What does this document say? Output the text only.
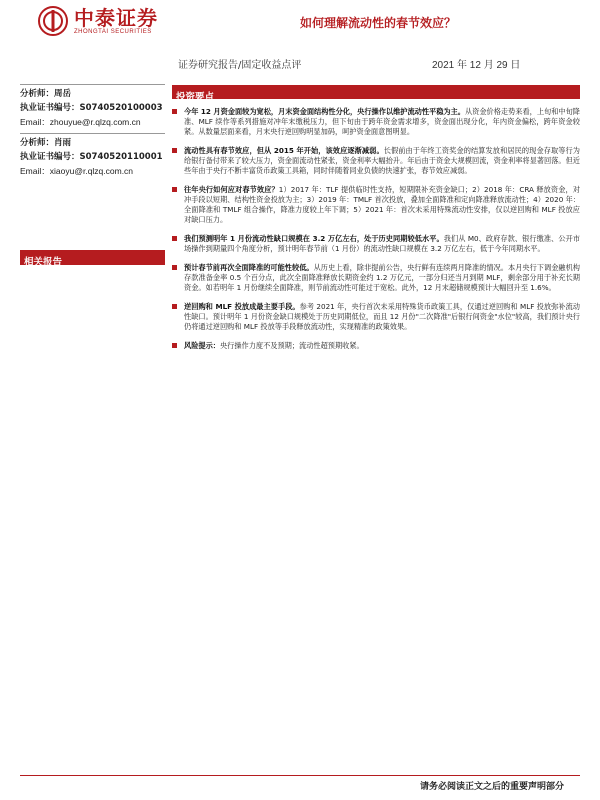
中泰证券
ZHONGTAI SECURITIES
如何理解流动性的春节效应？
证券研究报告/固定收益点评	2021 年 12 月 29 日
分析师：周岳
执业证书编号：S0740520100003
Email：zhouyue@r.qlzq.com.cn
分析师：肖雨
执业证书编号：S0740520110001
Email：xiaoyu@r.qlzq.com.cn
相关报告
投资要点
今年 12 月资金面较为宽松，月末资金面结构性分化，央行操作以维护流动性平稳为主。从资金价格走势来看，上旬和中旬降准、MLF 续作等系列措施对冲年末缴税压力，但下旬由于跨年资金需求增多，资金面出现分化，年内资金偏松，跨年资金较紧。从数量层面来看，月末央行逆回购明显加码，呵护资金面意图明显。
流动性具有春节效应，但从 2015 年开始，该效应逐渐减弱。长假前由于年终工资奖金的结算发放和居民的现金存取等行为给银行备付带来了较大压力，资金面流动性紧张，资金利率大幅抬升。年后由于资金大规模回流，资金利率将显著回落。但近些年由于央行不断丰富货币政策工具箱，同时伴随着同业负债的快速扩张，春节效应减弱。
往年央行如何应对春节效应？1）2017 年：TLF 提供临时性支持，短期限补充资金缺口；2）2018 年：CRA 释放资金，对冲手段以短期、结构性资金投放为主；3）2019 年：TMLF 首次投放，叠加全面降准和定向降准释放流动性；4）2020 年：全面降准和 TMLF 组合操作，降准力度较上年下调；5）2021 年：首次未采用特殊流动性安排，仅以逆回购和 MLF 投放应对缺口压力。
我们预测明年 1 月份流动性缺口规模在 3.2 万亿左右，处于历史同期较低水平。我们从 M0、政府存款、银行缴准、公开市场操作到期量四个角度分析，预计明年春节前（1 月份）的流动性缺口规模在 3.2 万亿左右，低于今年同期水平。
预计春节前再次全面降准的可能性较低。从历史上看，除非提前公告，央行鲜有连续两月降准的情况。本月央行下调金融机构存款准备金率 0.5 个百分点，此次全面降准释放长期资金约 1.2 万亿元，一部分归还当月到期 MLF，剩余部分用于补充长期资金。如若明年 1 月份继续全面降准，则节前流动性可能过于宽松。此外，12 月末超储规模预计大幅回升至 1.6%。
逆回购和 MLF 投放成最主要手段。参考 2021 年，央行首次未采用特殊货币政策工具，仅通过逆回购和 MLF 投放弥补流动性缺口。预计明年 1 月份资金缺口规模处于历史同期低位，而且 12 月份"二次降准"后银行间资金"水位"较高，我们预计央行仍将通过逆回购和 MLF 投放等手段释放流动性，实现精准的政策效果。
风险提示：央行操作力度不及预期；流动性超预期收紧。
请务必阅读正文之后的重要声明部分
